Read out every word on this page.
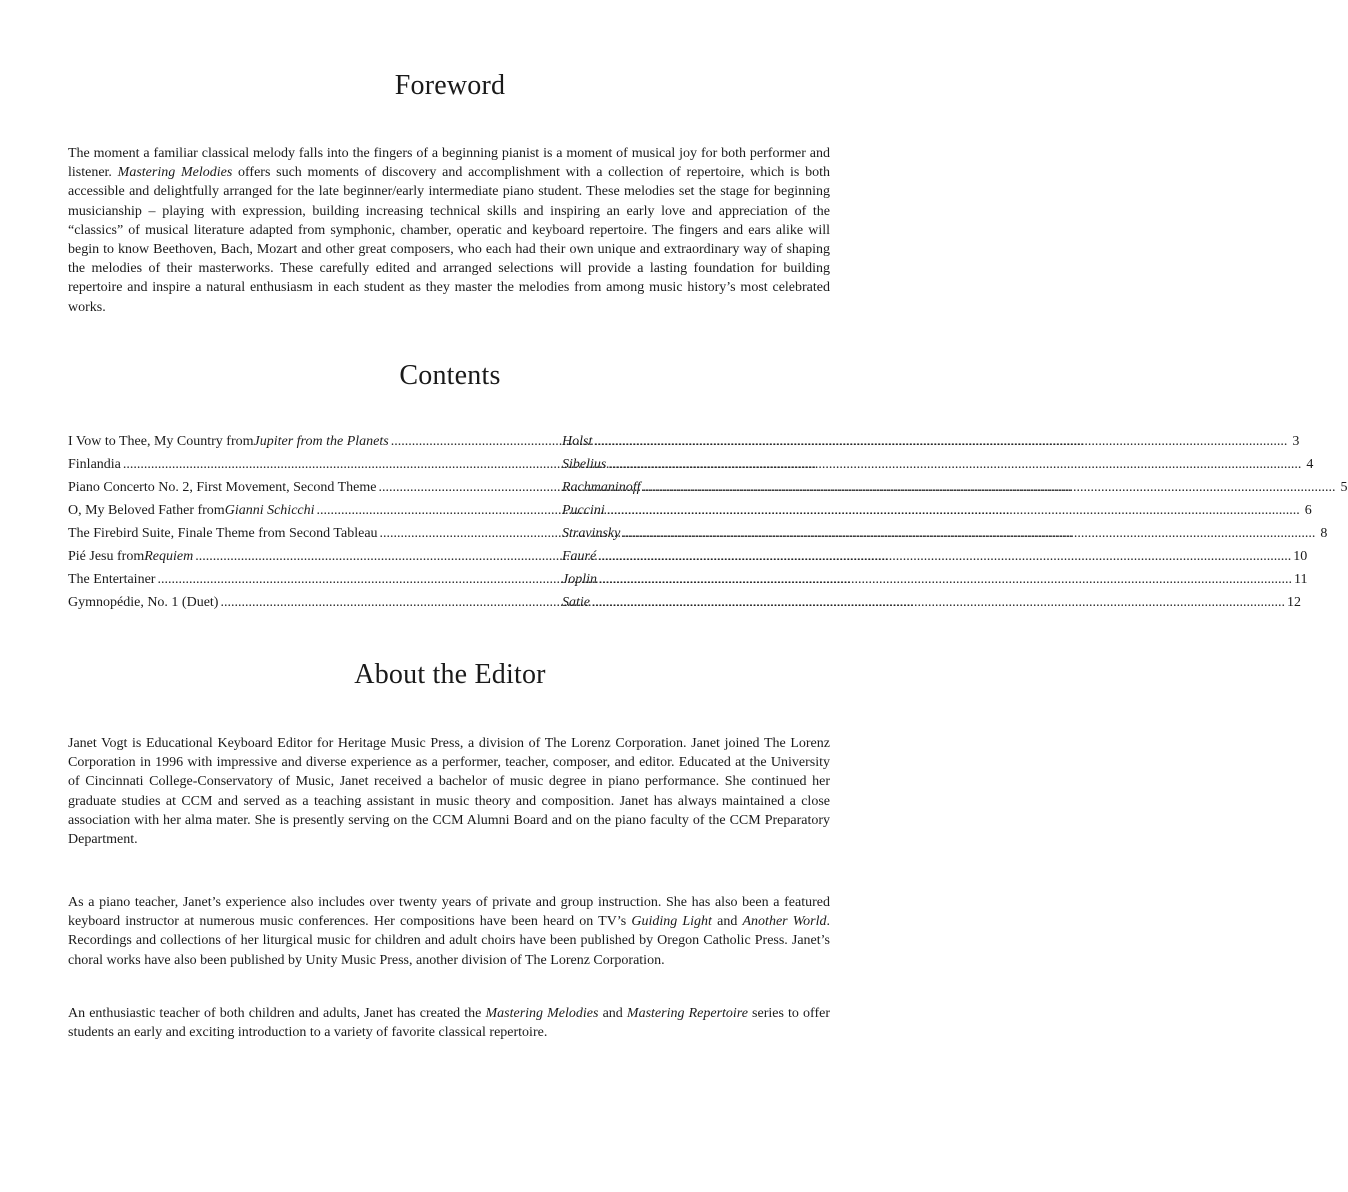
Foreword

The moment a familiar classical melody falls into the fingers of a beginning pianist is a moment of musical joy for both performer and listener. Mastering Melodies offers such moments of discovery and accomplishment with a collection of repertoire, which is both accessible and delightfully arranged for the late beginner/early intermediate piano student. These melodies set the stage for beginning musicianship – playing with expression, building increasing technical skills and inspiring an early love and appreciation of the “classics” of musical literature adapted from symphonic, chamber, operatic and keyboard repertoire. The fingers and ears alike will begin to know Beethoven, Bach, Mozart and other great composers, who each had their own unique and extraordinary way of shaping the melodies of their masterworks. These carefully edited and arranged selections will provide a lasting foundation for building repertoire and inspire a natural enthusiasm in each student as they master the melodies from among music history’s most celebrated works.

Contents
I Vow to Thee, My Country from Jupiter from the Planets .....	Holst .....	3
Finlandia .....	Sibelius .....	4
Piano Concerto No. 2, First Movement, Second Theme .....	Rachmaninoff .....	5
O, My Beloved Father from Gianni Schicchi .....	Puccini .....	6
The Firebird Suite, Finale Theme from Second Tableau .....	Stravinsky .....	8
Pié Jesu from Requiem .....	Fauré .....	10
The Entertainer .....	Joplin .....	11
Gymnopédie, No. 1 (Duet) .....	Satie .....	12
About the Editor

Janet Vogt is Educational Keyboard Editor for Heritage Music Press, a division of The Lorenz Corporation. Janet joined The Lorenz Corporation in 1996 with impressive and diverse experience as a performer, teacher, composer, and editor. Educated at the University of Cincinnati College-Conservatory of Music, Janet received a bachelor of music degree in piano performance. She continued her graduate studies at CCM and served as a teaching assistant in music theory and composition. Janet has always maintained a close association with her alma mater. She is presently serving on the CCM Alumni Board and on the piano faculty of the CCM Preparatory Department.

As a piano teacher, Janet’s experience also includes over twenty years of private and group instruction. She has also been a featured keyboard instructor at numerous music conferences. Her compositions have been heard on TV’s Guiding Light and Another World. Recordings and collections of her liturgical music for children and adult choirs have been published by Oregon Catholic Press. Janet’s choral works have also been published by Unity Music Press, another division of The Lorenz Corporation.

An enthusiastic teacher of both children and adults, Janet has created the Mastering Melodies and Mastering Repertoire series to offer students an early and exciting introduction to a variety of favorite classical repertoire.
